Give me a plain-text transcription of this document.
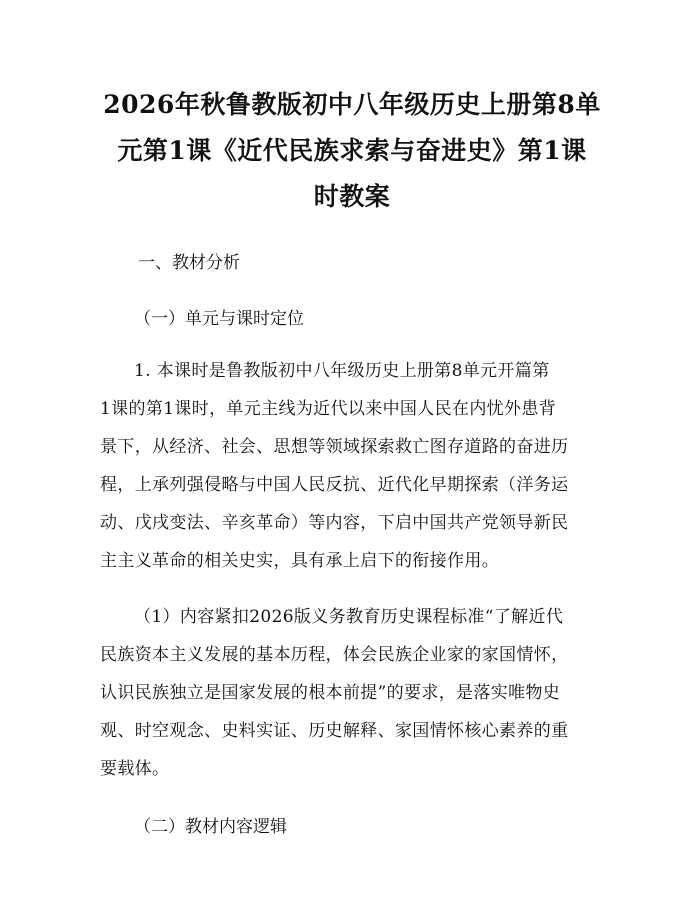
2026年秋鲁教版初中八年级历史上册第8单
元第1课《近代民族求索与奋进史》第1课
时教案

一、教材分析

（一）单元与课时定位

1. 本课时是鲁教版初中八年级历史上册第8单元开篇第
1课的第1课时，单元主线为近代以来中国人民在内忧外患背
景下，从经济、社会、思想等领域探索救亡图存道路的奋进历
程，上承列强侵略与中国人民反抗、近代化早期探索（洋务运
动、戊戌变法、辛亥革命）等内容，下启中国共产党领导新民
主主义革命的相关史实，具有承上启下的衔接作用。

（1）内容紧扣2026版义务教育历史课程标准“了解近代
民族资本主义发展的基本历程，体会民族企业家的家国情怀，
认识民族独立是国家发展的根本前提”的要求，是落实唯物史
观、时空观念、史料实证、历史解释、家国情怀核心素养的重
要载体。

（二）教材内容逻辑
